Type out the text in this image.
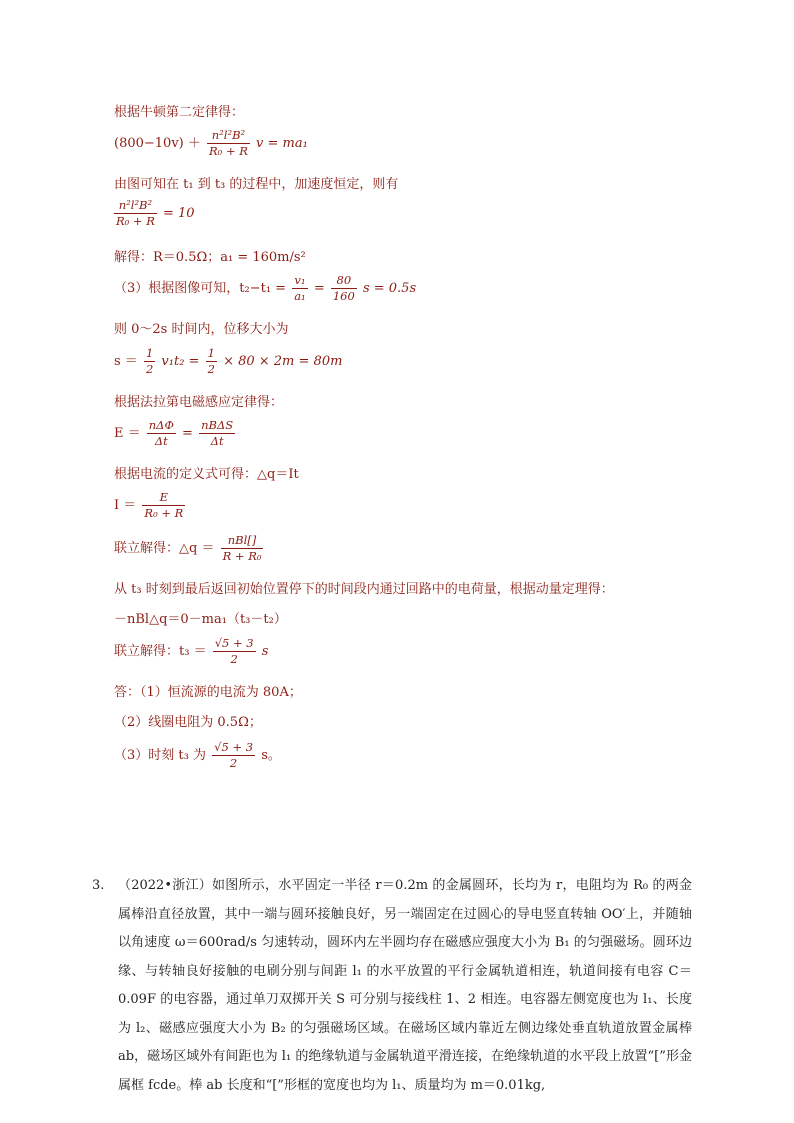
根据牛顿第二定律得：
$(800-10v) + \frac{\text{n²l²B²}}{\text{R₀ + R}}$ v = ma₁
由图可知在 t₁ 到 t₃ 的过程中，加速度恒定，则有
$\frac{\text{n²l²B²}}{\text{R₀ + R}} = 10$
解得：R＝0.5Ω；a₁ = 160m/s²
（3）根据图像可知，$t_2-t_1 = \frac{\text{v₁}}{\text{a₁}} = \frac{80}{160}$ s = 0.5s
则 0～2s 时间内，位移大小为
$s = \frac{1}{2} v_1t_2 = \frac{1}{2} \times 80 \times 2m = 80m$
根据法拉第电磁感应定律得：
$E = \frac{\text{nΔΦ}}{\Delta t} = \frac{\text{nBΔS}}{\Delta t}$
根据电流的定义式可得：△q＝It
$I = \frac{E}{\text{R₀ + R}}$
联立解得：△q ＝ $\frac{\text{nBl[]}}{\text{R + R₀}}$
从 t₃ 时刻到最后返回初始位置停下的时间段内通过回路中的电荷量，根据动量定理得：
－nBl△q＝0－ma₁（t₃－t₂）
联立解得：$t_3 = \frac{√5 + 3}{2}$ s
答：（1）恒流源的电流为 80A；
（2）线圈电阻为 0.5Ω；
（3）时刻 t₃ 为 $\frac{√5 + 3}{2}$ s。
3. （2022•浙江）如图所示，水平固定一半径 r＝0.2m 的金属圆环，长均为 r，电阻均为 R₀ 的两金属棒沿直径放置，其中一端与圆环接触良好，另一端固定在过圆心的导电竖直转轴 OO′上，并随轴以角速度 ω＝600rad/s 匀速转动，圆环内左半圆均存在磁感应强度大小为 B₁ 的匀强磁场。圆环边缘、与转轴良好接触的电刷分别与间距 l₁ 的水平放置的平行金属轨道相连，轨道间接有电容 C＝0.09F 的电容器，通过单刀双掷开关 S 可分别与接线柱 1、2 相连。电容器左侧宽度也为 l₁、长度为 l₂、磁感应强度大小为 B₂ 的匀强磁场区域。在磁场区域内靠近左侧边缘处垂直轨道放置金属棒 ab，磁场区域外有间距也为 l₁ 的绝缘轨道与金属轨道平滑连接，在绝缘轨道的水平段上放置“[”形金属框 fcde。棒 ab 长度和“[”形框的宽度也均为 l₁、质量均为 m＝0.01kg,
